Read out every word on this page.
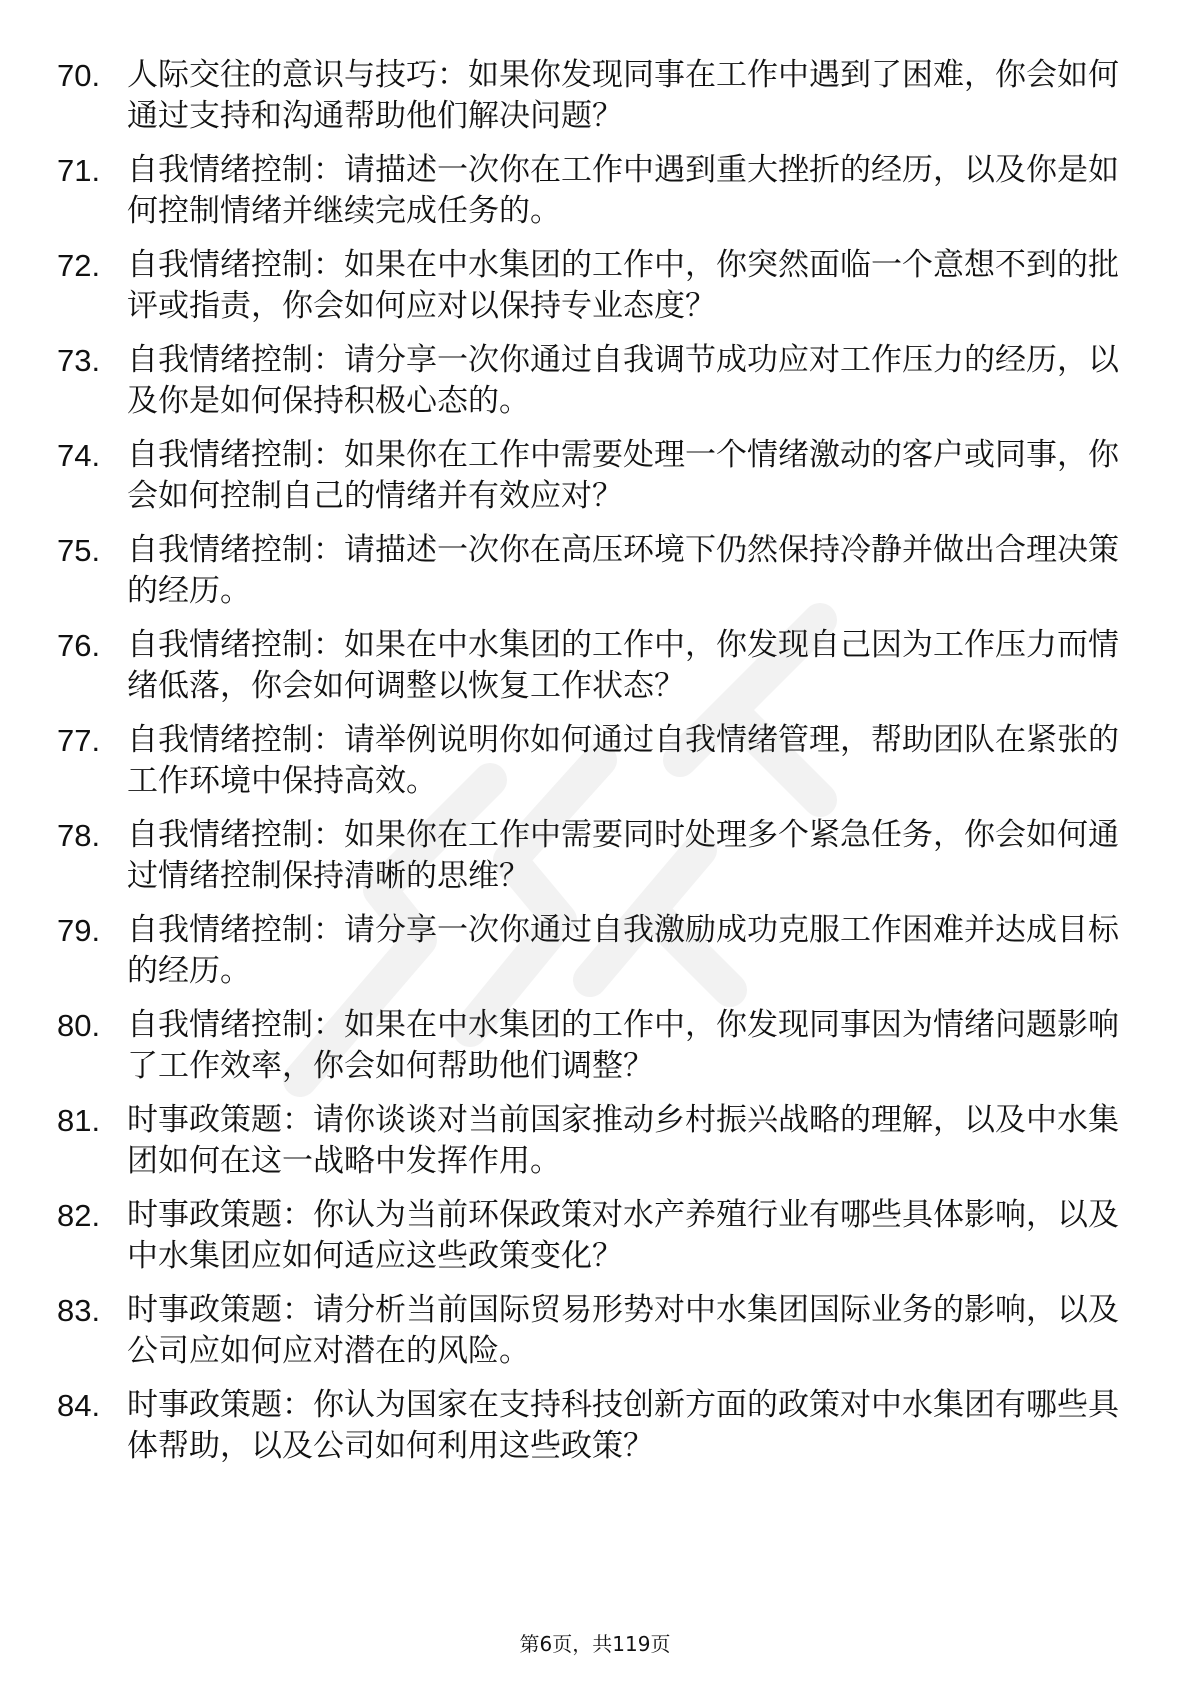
70. 人际交往的意识与技巧：如果你发现同事在工作中遇到了困难，你会如何通过支持和沟通帮助他们解决问题？
71. 自我情绪控制：请描述一次你在工作中遇到重大挫折的经历，以及你是如何控制情绪并继续完成任务的。
72. 自我情绪控制：如果在中水集团的工作中，你突然面临一个意想不到的批评或指责，你会如何应对以保持专业态度？
73. 自我情绪控制：请分享一次你通过自我调节成功应对工作压力的经历，以及你是如何保持积极心态的。
74. 自我情绪控制：如果你在工作中需要处理一个情绪激动的客户或同事，你会如何控制自己的情绪并有效应对？
75. 自我情绪控制：请描述一次你在高压环境下仍然保持冷静并做出合理决策的经历。
76. 自我情绪控制：如果在中水集团的工作中，你发现自己因为工作压力而情绪低落，你会如何调整以恢复工作状态？
77. 自我情绪控制：请举例说明你如何通过自我情绪管理，帮助团队在紧张的工作环境中保持高效。
78. 自我情绪控制：如果你在工作中需要同时处理多个紧急任务，你会如何通过情绪控制保持清晰的思维？
79. 自我情绪控制：请分享一次你通过自我激励成功克服工作困难并达成目标的经历。
80. 自我情绪控制：如果在中水集团的工作中，你发现同事因为情绪问题影响了工作效率，你会如何帮助他们调整？
81. 时事政策题：请你谈谈对当前国家推动乡村振兴战略的理解，以及中水集团如何在这一战略中发挥作用。
82. 时事政策题：你认为当前环保政策对水产养殖行业有哪些具体影响，以及中水集团应如何适应这些政策变化？
83. 时事政策题：请分析当前国际贸易形势对中水集团国际业务的影响，以及公司应如何应对潜在的风险。
84. 时事政策题：你认为国家在支持科技创新方面的政策对中水集团有哪些具体帮助，以及公司如何利用这些政策？
第6页，共119页
